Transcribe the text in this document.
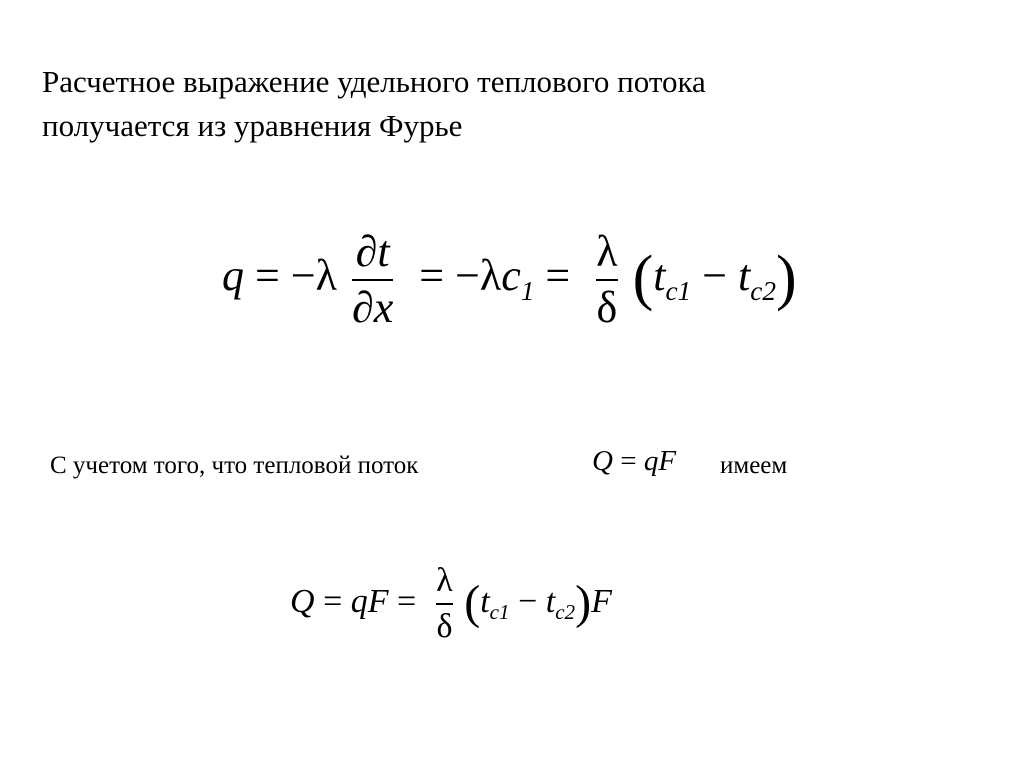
Расчетное выражение удельного теплового потока
получается из уравнения Фурье
$q = -\lambda \frac{\partial t}{\partial x} = -\lambda c_1 = \frac{\lambda}{\delta} (t_{c1} - t_{c2})$
С учетом того, что тепловой поток	Q = qF имеем
Q = qF = $\frac{\lambda}{\delta} (t_{c1} - t_{c2})F$
